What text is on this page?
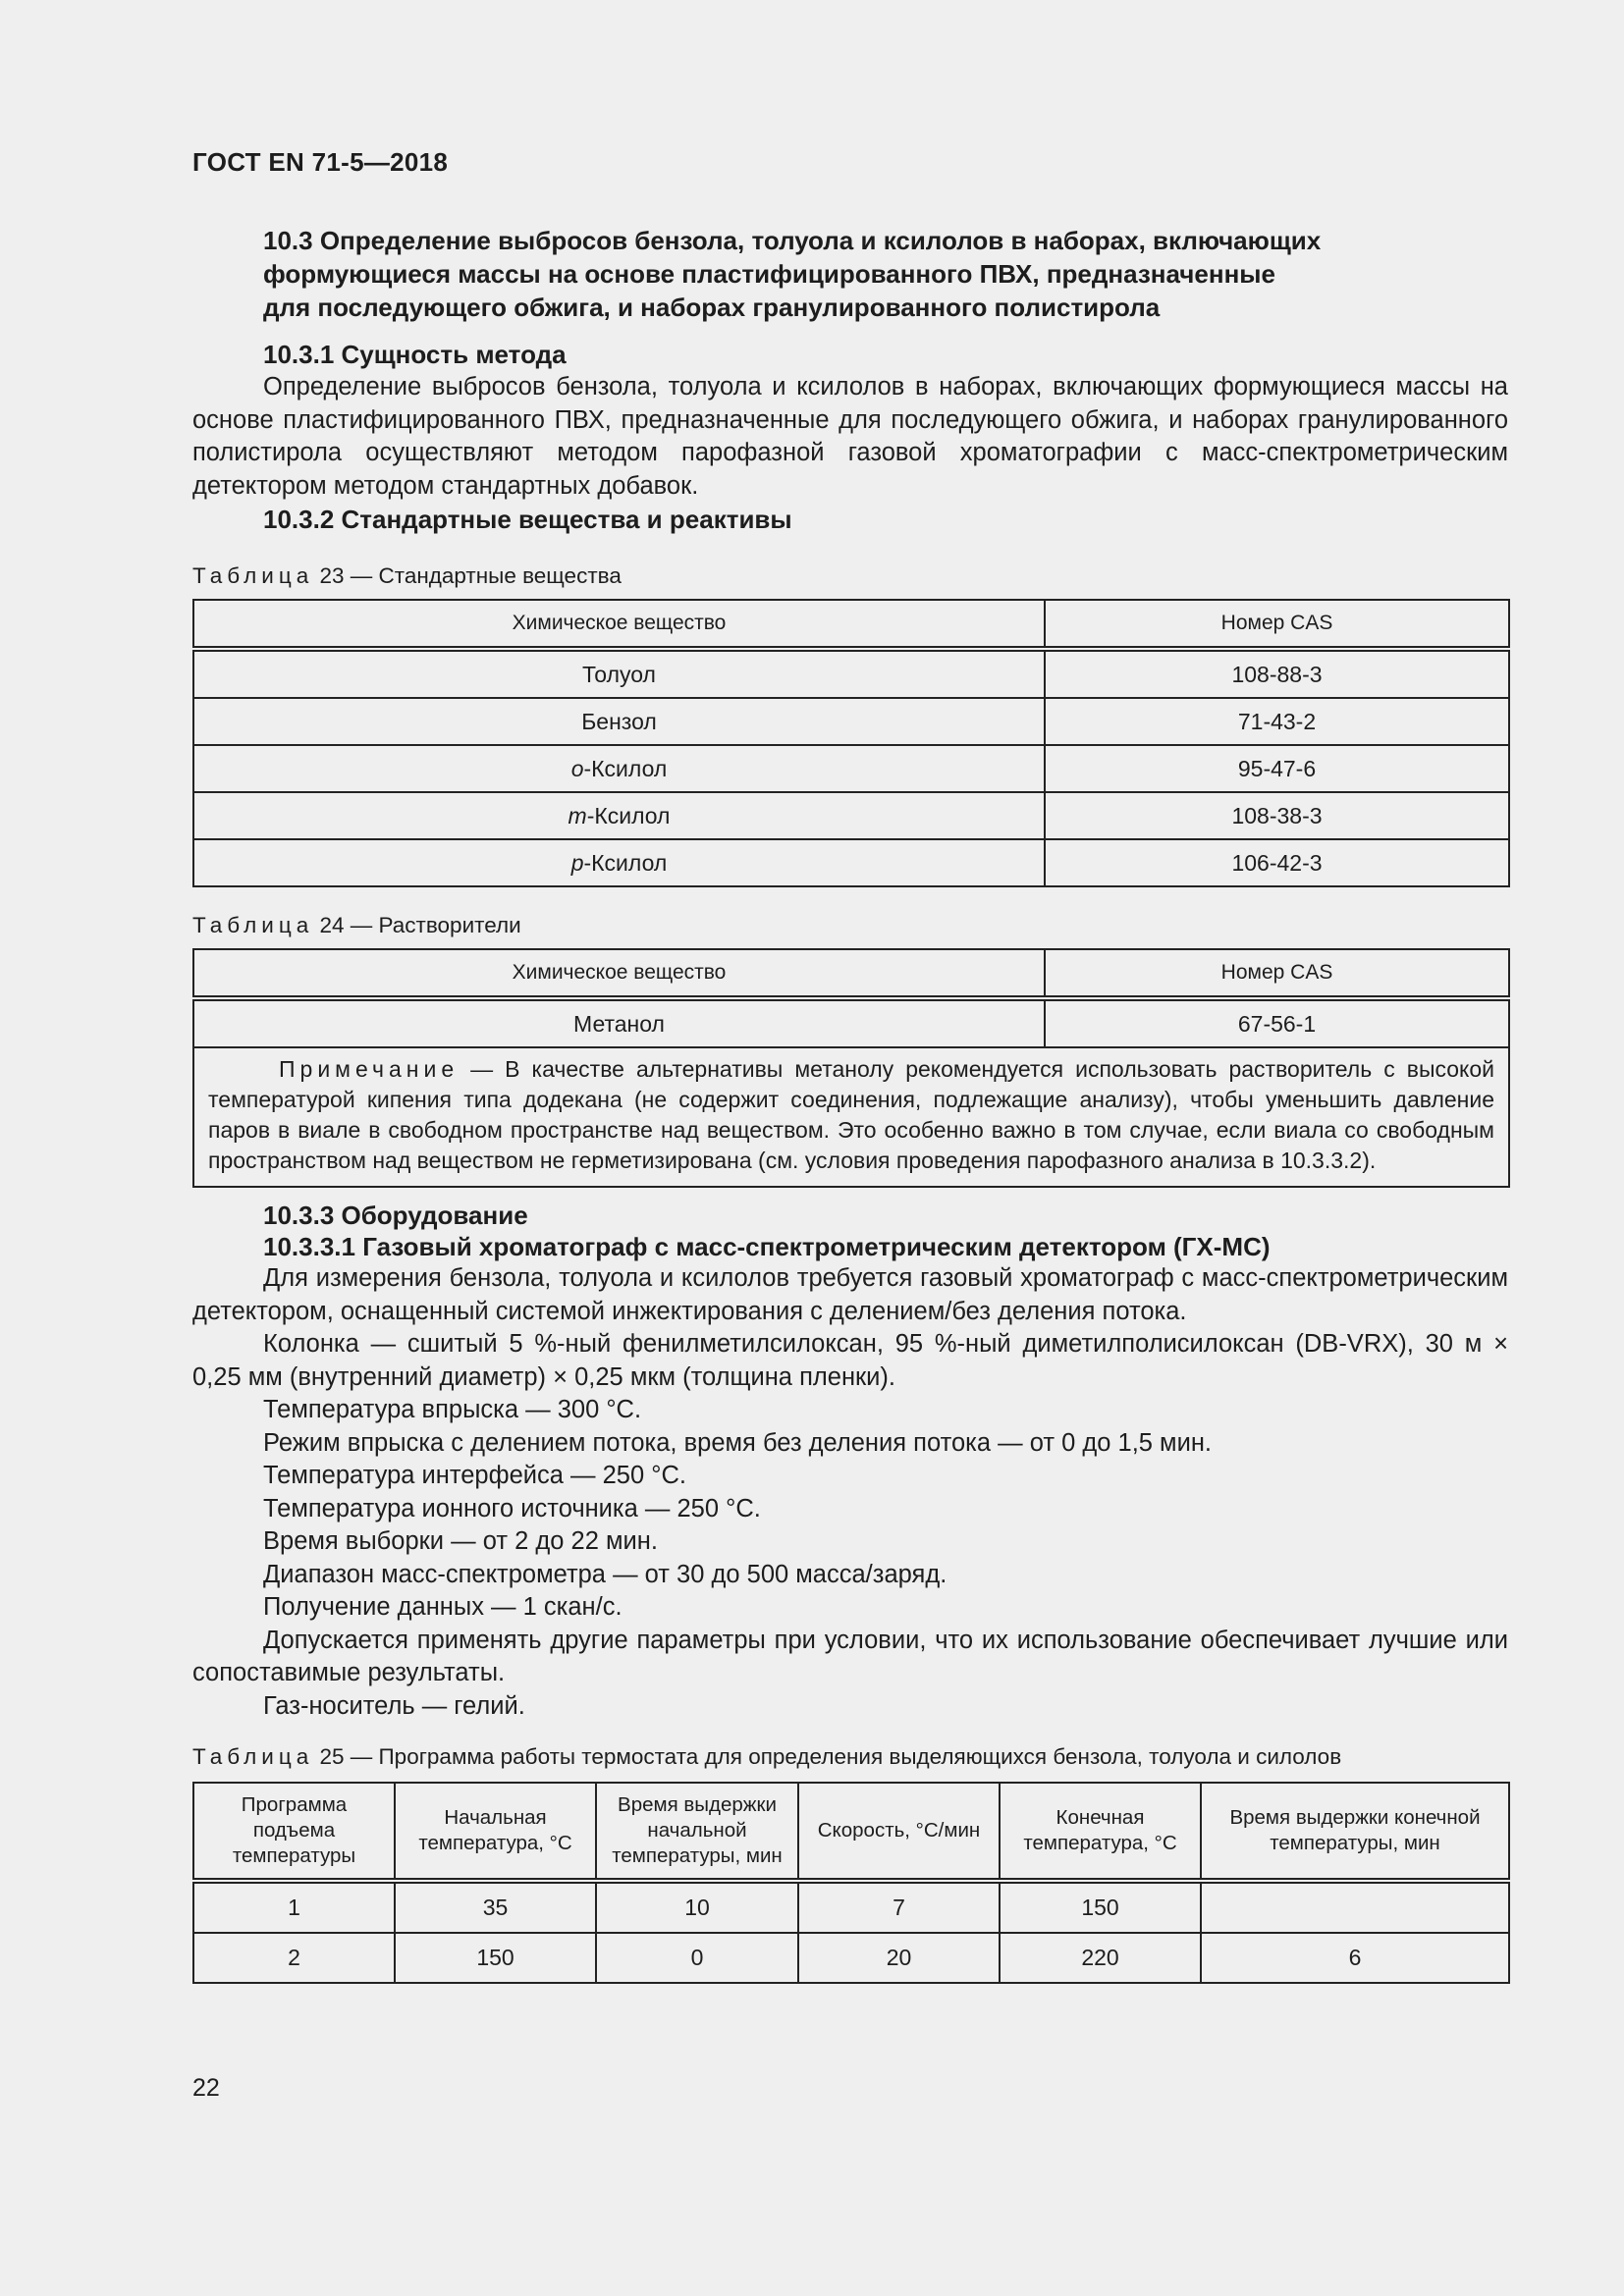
ГОСТ EN 71-5—2018
10.3 Определение выбросов бензола, толуола и ксилолов в наборах, включающих
формующиеся массы на основе пластифицированного ПВХ, предназначенные
для последующего обжига, и наборах гранулированного полистирола
10.3.1 Сущность метода

Определение выбросов бензола, толуола и ксилолов в наборах, включающих формующиеся массы на основе пластифицированного ПВХ, предназначенные для последующего обжига, и наборах гранулированного полистирола осуществляют методом парофазной газовой хроматографии с масс-спектрометрическим детектором методом стандартных добавок.

10.3.2 Стандартные вещества и реактивы
Таблица 23 — Стандартные вещества
Химическое вещество	Номер CAS
Толуол	108-88-3
Бензол	71-43-2
o-Ксилол	95-47-6
m-Ксилол	108-38-3
p-Ксилол	106-42-3
Таблица 24 — Растворители
Химическое вещество	Номер CAS
Метанол	67-56-1
Примечание — В качестве альтернативы метанолу рекомендуется использовать растворитель с высокой температурой кипения типа додекана (не содержит соединения, подлежащие анализу), чтобы уменьшить давление паров в виале в свободном пространстве над веществом. Это особенно важно в том случае, если виала со свободным пространством над веществом не герметизирована (см. условия проведения парофазного анализа в 10.3.3.2).	
10.3.3 Оборудование
10.3.3.1 Газовый хроматограф с масс-спектрометрическим детектором (ГХ-МС)

Для измерения бензола, толуола и ксилолов требуется газовый хроматограф с масс-спектрометрическим детектором, оснащенный системой инжектирования с делением/без деления потока.

Колонка — сшитый 5 %-ный фенилметилсилоксан, 95 %-ный диметилполисилоксан (DB-VRX), 30 м × 0,25 мм (внутренний диаметр) × 0,25 мкм (толщина пленки).

Температура впрыска — 300 °С.
Режим впрыска с делением потока, время без деления потока — от 0 до 1,5 мин.
Температура интерфейса — 250 °С.
Температура ионного источника — 250 °С.
Время выборки — от 2 до 22 мин.
Диапазон масс-спектрометра — от 30 до 500 масса/заряд.
Получение данных — 1 скан/с.

Допускается применять другие параметры при условии, что их использование обеспечивает лучшие или сопоставимые результаты.

Газ-носитель — гелий.
Таблица 25 — Программа работы термостата для определения выделяющихся бензола, толуола и силолов
Программа подъема температуры	Начальная температура, °С	Время выдержки начальной температуры, мин	Скорость, °С/мин	Конечная температура, °С	Время выдержки конечной температуры, мин
1	35	10	7	150	
2	150	0	20	220	6
22
